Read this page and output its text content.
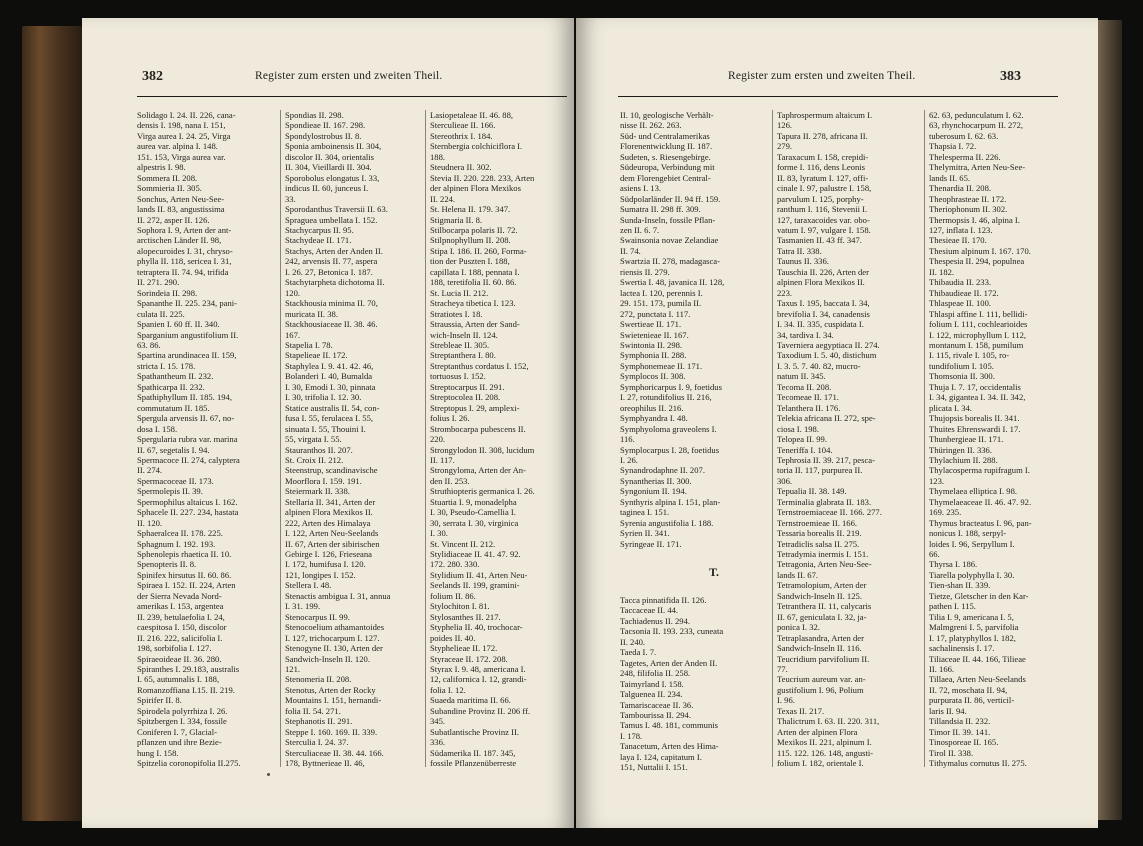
382	Register zum ersten und zweiten Theil.
Solidago I. 24. II. 226, cana-
densis I. 198, nana I. 151,
Virga aurea I. 24. 25, Virga
aurea var. alpina I. 148.
151. 153, Virga aurea var.
alpestris I. 98.
Sommera II. 208.
Sommieria II. 305.
Sonchus, Arten Neu-See-
lands II. 83, angustissima
II. 272, asper II. 126.
Sophora I. 9, Arten der ant-
arctischen Länder II. 98,
alopecuroides I. 31, chryso-
phylla II. 118, sericea I. 31,
tetraptera II. 74. 94, trifida
II. 271. 290.
Sorindeia II. 298.
Spananthe II. 225. 234, pani-
culata II. 225.
Spanien I. 60 ff. II. 340.
Sparganium angustifolium II.
63. 86.
Spartina arundinacea II. 159,
stricta I. 15. 178.
Spathantheum II. 232.
Spathicarpa II. 232.
Spathiphyllum II. 185. 194,
commutatum II. 185.
Spergula arvensis II. 67, no-
dosa I. 158.
Spergularia rubra var. marina
II. 67, segetalis I. 94.
Spermacoce II. 274, calyptera
II. 274.
Spermacoceae II. 173.
Spermolepis II. 39.
Spermophilus altaicus I. 162.
Sphacele II. 227. 234, hastata
II. 120.
Sphaeralcea II. 178. 225.
Sphagnum I. 192. 193.
Sphenolepis rhaetica II. 10.
Spenopteris II. 8.
Spinifex hirsutus II. 60. 86.
Spiraea I. 152. II. 224, Arten
der Sierra Nevada Nord-
amerikas I. 153, argentea
II. 239, betulaefolia I. 24,
caespitosa I. 150, discolor
II. 216. 222, salicifolia I.
198, sorbifolia I. 127.
Spiraeoideae II. 36. 280.
Spiranthes I. 29.183, australis
I. 65, autumnalis I. 188,
Romanzoffiana I.15. II. 219.
Spirifer II. 8.
Spirodela polyrrhiza I. 26.
Spitzbergen I. 334, fossile
Coniferen I. 7, Glacial-
pflanzen und ihre Bezie-
hung I. 158.
Spitzelia coronopifolia II.275.
Spondias II. 298.
Spondieae II. 167. 298.
Spondylostrobus II. 8.
Sponia amboinensis II. 304,
discolor II. 304, orientalis
II. 304, Vieillardi II. 304.
Sporobolus elongatus I. 33,
indicus II. 60, junceus I.
33.
Sporodanthus Traversii II. 63.
Spraguea umbellata I. 152.
Stachycarpus II. 95.
Stachydeae II. 171.
Stachys, Arten der Anden II.
242, arvensis II. 77, aspera
I. 26. 27, Betonica I. 187.
Stachytarpheta dichotoma II.
120.
Stackhousia minima II. 70,
muricata II. 38.
Stackhousiaceae II. 38. 46.
167.
Stapelia I. 78.
Stapelieae II. 172.
Staphylea I. 9. 41. 42. 46,
Bolanderi I. 40, Bumalda
I. 30, Emodi I. 30, pinnata
I. 30, trifolia I. 12. 30.
Statice australis II. 54, con-
fusa I. 55, ferulacea I. 55,
sinuata I. 55, Thouini I.
55, virgata I. 55.
Stauranthos II. 207.
St. Croix II. 212.
Steenstrup, scandinavische
Moorflora I. 159. 191.
Steiermark II. 338.
Stellaria II. 341, Arten der
alpinen Flora Mexikos II.
222, Arten des Himalaya
I. 122, Arten Neu-Seelands
II. 67, Arten der sibirischen
Gebirge I. 126, Frieseana
I. 172, humifusa I. 120.
121, longipes I. 152.
Stellera I. 48.
Stenactis ambigua I. 31, annua
I. 31. 199.
Stenocarpus II. 99.
Stenocoelium athamantoides
I. 127, trichocarpum I. 127.
Stenogyne II. 130, Arten der
Sandwich-Inseln II. 120.
121.
Stenomeria II. 208.
Stenotus, Arten der Rocky
Mountains I. 151, hernandi-
folia II. 54. 271.
Stephanotis II. 291.
Steppe I. 160. 169. II. 339.
Sterculia I. 24. 37.
Sterculiaceae II. 38. 44. 166.
178, Byttnerieae II. 46,
Lasiopetaleae II. 46. 88,
Sterculieae II. 166.
Stereothrix I. 184.
Sternbergia colchiciflora I.
188.
Steudnera II. 302.
Stevia II. 220. 228. 233, Arten
der alpinen Flora Mexikos
II. 224.
St. Helena II. 179. 347.
Stigmaria II. 8.
Stilbocarpa polaris II. 72.
Stilpnophyllum II. 208.
Stipa I. 186. II. 260, Forma-
tion der Puszten I. 188,
capillata I. 188, pennata I.
188, teretifolia II. 60. 86.
St. Lucia II. 212.
Stracheya tibetica I. 123.
Stratiotes I. 18.
Straussia, Arten der Sand-
wich-Inseln II. 124.
Strebleae II. 305.
Streptanthera I. 80.
Streptanthus cordatus I. 152,
tortuosus I. 152.
Streptocarpus II. 291.
Streptocolea II. 208.
Streptopus I. 29, amplexi-
folius I. 26.
Strombocarpa pubescens II.
220.
Strongylodon II. 308, lucidum
II. 117.
Strongyloma, Arten der An-
den II. 253.
Struthiopteris germanica I. 26.
Stuartia I. 9, monadelpha
I. 30, Pseudo-Camellia I.
30, serrata I. 30, virginica
I. 30.
St. Vincent II. 212.
Stylidiaceae II. 41. 47. 92.
172. 280. 330.
Stylidium II. 41, Arten Neu-
Seelands II. 199, gramini-
folium II. 86.
Stylochiton I. 81.
Stylosanthes II. 217.
Styphelia II. 40, trochocar-
poides II. 40.
Styphelieae II. 172.
Styraceae II. 172. 208.
Styrax I. 9. 48, americana I.
12, californica I. 12, grandi-
folia I. 12.
Suaeda maritima II. 66.
Subandine Provinz II. 206 ff.
345.
Subatlantische Provinz II.
336.
Südamerika II. 187. 345,
fossile Pflanzenüberreste
Register zum ersten und zweiten Theil.	383
II. 10, geologische Verhält-
nisse II. 262. 263.
Süd- und Centralamerikas
Florenentwicklung II. 187.
Sudeten, s. Riesengebirge.
Südeuropa, Verbindung mit
dem Florengebiet Central-
asiens I. 13.
Südpolarländer II. 94 ff. 159.
Sumatra II. 298 ff. 309.
Sunda-Inseln, fossile Pflan-
zen II. 6. 7.
Swainsonia novae Zelandiae
II. 74.
Swartzia II. 278, madagasca-
riensis II. 279.
Swertia I. 48, javanica II. 128,
lactea I. 120, perennis I.
29. 151. 173, pumila II.
272, punctata I. 117.
Swertieae II. 171.
Swietenieae II. 167.
Swintonia II. 298.
Symphonia II. 288.
Symphonemeae II. 171.
Symplocos II. 308.
Symphoricarpus I. 9, foetidus
I. 27, rotundifolius II. 216,
oreophilus II. 216.
Symphyandra I. 48.
Symphyoloma graveolens I.
116.
Symplocarpus I. 28, foetidus
I. 26.
Synandrodaphne II. 207.
Synantherias II. 300.
Syngonium II. 194.
Synthyris alpina I. 151, plan-
taginea I. 151.
Syrenia angustifolia I. 188.
Syrien II. 341.
Syringeae II. 171.
T.
Tacca pinnatifida II. 126.
Taccaceae II. 44.
Tachiadenus II. 294.
Tacsonia II. 193. 233, cuneata
II. 240.
Taeda I. 7.
Tagetes, Arten der Anden II.
248, filifolia II. 258.
Taimyrland I. 158.
Talguenea II. 234.
Tamariscaceae II. 36.
Tambourissa II. 294.
Tamus I. 48. 181, communis
I. 178.
Tanacetum, Arten des Hima-
laya I. 124, capitatum I.
151, Nuttalii I. 151.
Taphrospermum altaicum I.
126.
Tapura II. 278, africana II.
279.
Taraxacum I. 158, crepidi-
forme I. 116, dens Leonis
II. 83, lyratum I. 127, offi-
cinale I. 97, palustre I. 158,
parvulum I. 125, porphy-
ranthum I. 116, Stevenii I.
127, taraxacoides var. obo-
vatum I. 97, vulgare I. 158.
Tasmanien II. 43 ff. 347.
Tatra II. 338.
Taunus II. 336.
Tauschia II. 226, Arten der
alpinen Flora Mexikos II.
223.
Taxus I. 195, baccata I. 34,
brevifolia I. 34, canadensis
I. 34. II. 335, cuspidata I.
34, tardiva I. 34.
Taverniera aegyptiaca II. 274.
Taxodium I. 5. 40, distichum
I. 3. 5. 7. 40. 82, mucro-
natum II. 345.
Tecoma II. 208.
Tecomeae II. 171.
Telanthera II. 176.
Telekia africana II. 272, spe-
ciosa I. 198.
Telopea II. 99.
Teneriffa I. 104.
Tephrosia II. 39. 217, pesca-
toria II. 117, purpurea II.
306.
Tepualia II. 38. 149.
Terminalia glabrata II. 183.
Ternstroemiaceae II. 166. 277.
Ternstroemieae II. 166.
Tessaria borealis II. 219.
Tetradiclis salsa II. 275.
Tetradymia inermis I. 151.
Tetragonia, Arten Neu-See-
lands II. 67.
Tetramolopium, Arten der
Sandwich-Inseln II. 125.
Tetranthera II. 11, calycaris
II. 67, geniculata I. 32, ja-
ponica I. 32.
Tetraplasandra, Arten der
Sandwich-Inseln II. 116.
Teucridium parvifolium II.
77.
Teucrium aureum var. an-
gustifolium I. 96, Polium
I. 96.
Texas II. 217.
Thalictrum I. 63. II. 220. 311,
Arten der alpinen Flora
Mexikos II. 221, alpinum I.
115. 122. 126. 148, angusti-
folium I. 182, orientale I.
62. 63, pedunculatum I. 62.
63, rhynchocarpum II. 272,
tuberosum I. 62. 63.
Thapsia I. 72.
Thelesperma II. 226.
Thelymitra, Arten Neu-See-
lands II. 65.
Thenardia II. 208.
Theophrasteae II. 172.
Theriophonum II. 302.
Thermopsis I. 46, alpina I.
127, inflata I. 123.
Thesieae II. 170.
Thesium alpinum I. 167. 170.
Thespesia II. 294, populnea
II. 182.
Thibaudia II. 233.
Thibaudieae II. 172.
Thlaspeae II. 100.
Thlaspi affine I. 111, bellidi-
folium I. 111, cochlearioides
I. 122, microphyllum I. 112,
montanum I. 158, pumilum
I. 115, rivale I. 105, ro-
tundifolium I. 105.
Thomsonia II. 300.
Thuja I. 7. 17, occidentalis
I. 34, gigantea I. 34. II. 342,
plicata I. 34.
Thujopsis borealis II. 341.
Thuites Ehrenswardi I. 17.
Thunbergieae II. 171.
Thüringen II. 336.
Thylachium II. 288.
Thylacospermа rupifragum I.
123.
Thymelaea elliptica I. 98.
Thymelaeaceae II. 46. 47. 92.
169. 235.
Thymus bracteatus I. 96, pan-
nonicus I. 188, serpyl-
loides I. 96, Serpyllum I.
66.
Thyrsa I. 186.
Tiarella polyphylla I. 30.
Tien-shan II. 339.
Tietze, Gletscher in den Kar-
pathen I. 115.
Tilia I. 9, americana I. 5,
Malmgreni I. 5, parvifolia
I. 17, platyphyllos I. 182,
sachalinensis I. 17.
Tiliaceae II. 44. 166, Tilieae
II. 166.
Tillaea, Arten Neu-Seelands
II. 72, moschata II. 94,
purpurata II. 86, verticil-
laris II. 94.
Tillandsia II. 232.
Timor II. 39. 141.
Tinosporeae II. 165.
Tirol II. 338.
Tithymalus cornutus II. 275.
